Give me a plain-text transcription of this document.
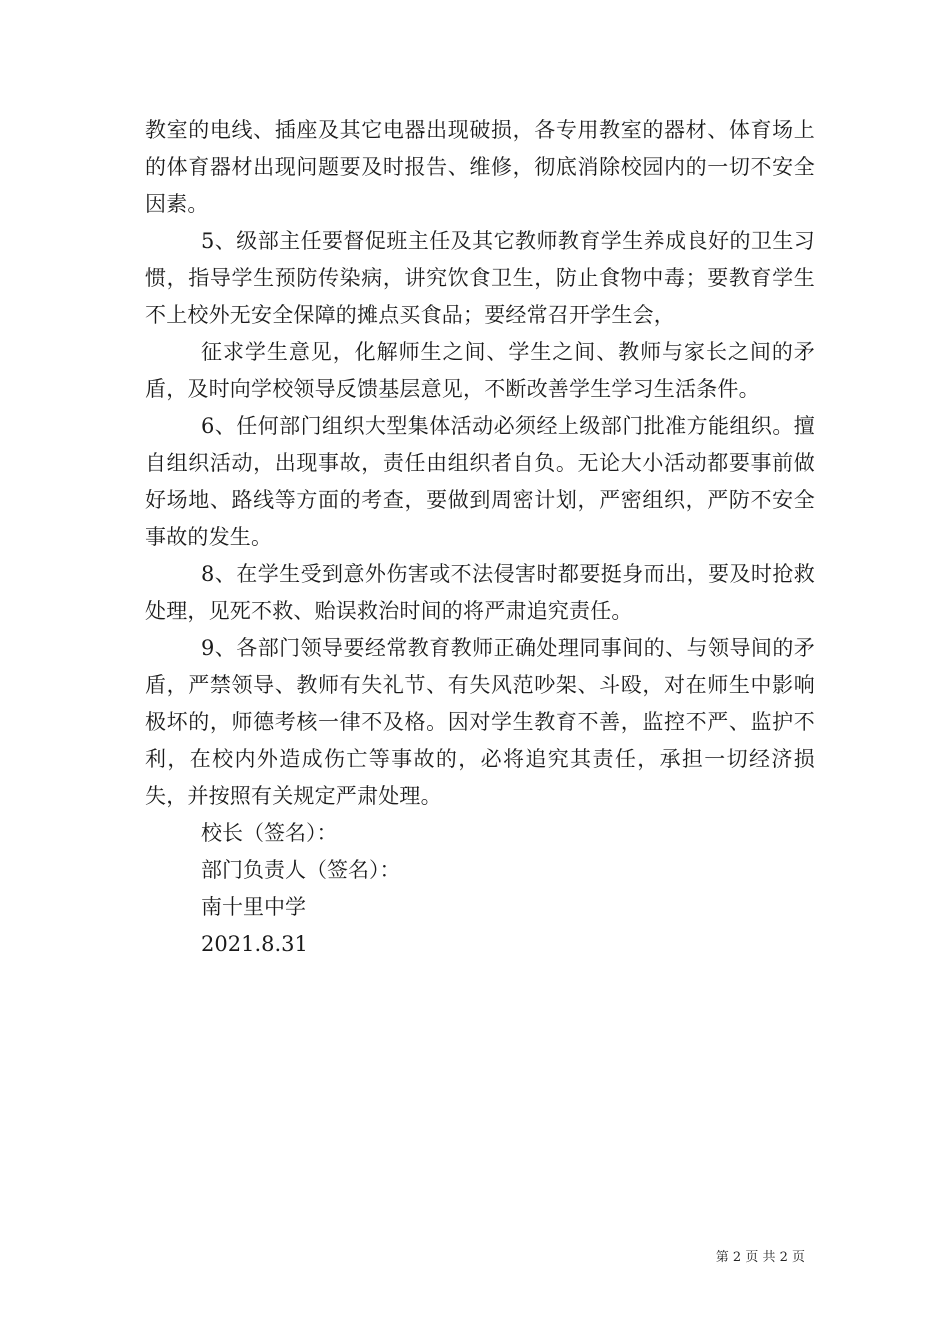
教室的电线、插座及其它电器出现破损，各专用教室的器材、体育场上的体育器材出现问题要及时报告、维修，彻底消除校园内的一切不安全因素。

5、级部主任要督促班主任及其它教师教育学生养成良好的卫生习惯，指导学生预防传染病，讲究饮食卫生，防止食物中毒；要教育学生不上校外无安全保障的摊点买食品；要经常召开学生会，

征求学生意见，化解师生之间、学生之间、教师与家长之间的矛盾，及时向学校领导反馈基层意见，不断改善学生学习生活条件。

6、任何部门组织大型集体活动必须经上级部门批准方能组织。擅自组织活动，出现事故，责任由组织者自负。无论大小活动都要事前做好场地、路线等方面的考查，要做到周密计划，严密组织，严防不安全事故的发生。

8、在学生受到意外伤害或不法侵害时都要挺身而出，要及时抢救处理，见死不救、贻误救治时间的将严肃追究责任。

9、各部门领导要经常教育教师正确处理同事间的、与领导间的矛盾，严禁领导、教师有失礼节、有失风范吵架、斗殴，对在师生中影响极坏的，师德考核一律不及格。因对学生教育不善，监控不严、监护不利，在校内外造成伤亡等事故的，必将追究其责任，承担一切经济损失，并按照有关规定严肃处理。

校长（签名）：

部门负责人（签名）：

南十里中学

2021.8.31

第 2 页 共 2 页
